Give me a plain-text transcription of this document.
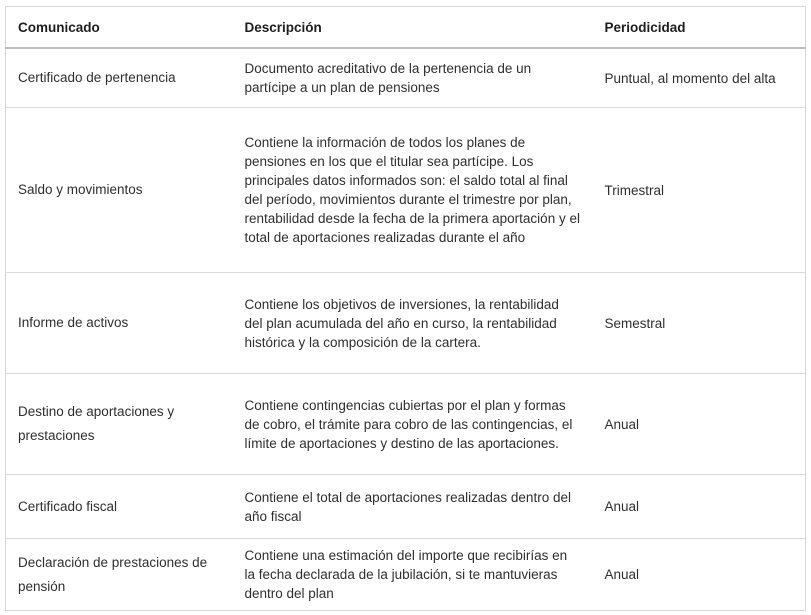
Comunicado	Descripción	Periodicidad
Certificado de pertenencia	Documento acreditativo de la pertenencia de un partícipe a un plan de pensiones	Puntual, al momento del alta
Saldo y movimientos	Contiene la información de todos los planes de pensiones en los que el titular sea partícipe. Los principales datos informados son: el saldo total al final del período, movimientos durante el trimestre por plan, rentabilidad desde la fecha de la primera aportación y el total de aportaciones realizadas durante el año	Trimestral
Informe de activos	Contiene los objetivos de inversiones, la rentabilidad del plan acumulada del año en curso, la rentabilidad histórica y la composición de la cartera.	Semestral
Destino de aportaciones y prestaciones	Contiene contingencias cubiertas por el plan y formas de cobro, el trámite para cobro de las contingencias, el límite de aportaciones y destino de las aportaciones.	Anual
Certificado fiscal	Contiene el total de aportaciones realizadas dentro del año fiscal	Anual
Declaración de prestaciones de pensión	Contiene una estimación del importe que recibirías en la fecha declarada de la jubilación, si te mantuvieras dentro del plan	Anual
